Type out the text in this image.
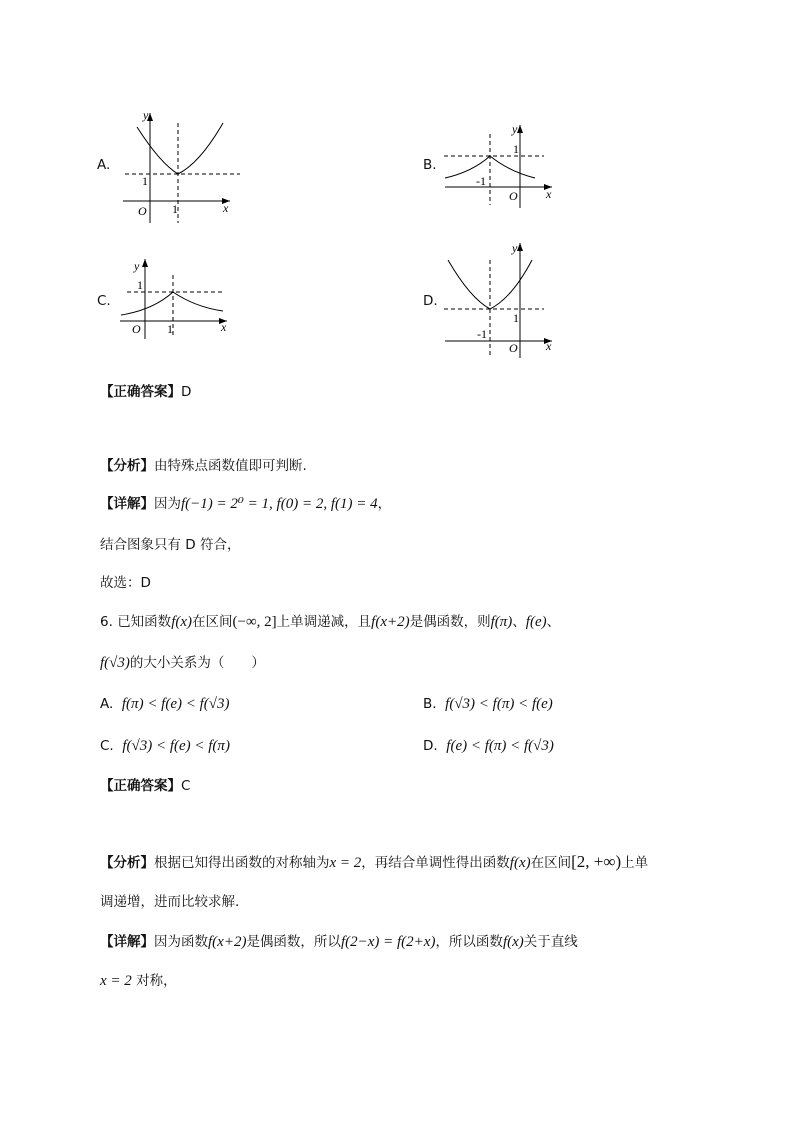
A.
y
x
O 1
1
B.
y
x
O
-1
1
C.
y
x
O 1
1
D.
y
x
O
-1
1
【正确答案】D
【分析】由特殊点函数值即可判断.
【详解】因为f(−1) = 2⁰ = 1, f(0) = 2, f(1) = 4，
结合图象只有 D 符合，
故选：D
6. 已知函数f(x)在区间(−∞, 2]上单调递减，且f(x+2)是偶函数，则f(π)、f(e)、
f(√3)的大小关系为（　　）
A. f(π) < f(e) < f(√3)	B. f(√3) < f(π) < f(e)
C. f(√3) < f(e) < f(π)	D. f(e) < f(π) < f(√3)
【正确答案】C
【分析】根据已知得出函数的对称轴为x = 2，再结合单调性得出函数f(x)在区间[2, +∞)上单
调递增，进而比较求解.
【详解】因为函数f(x+2)是偶函数，所以f(2−x) = f(2+x)，所以函数f(x)关于直线
x = 2 对称，
